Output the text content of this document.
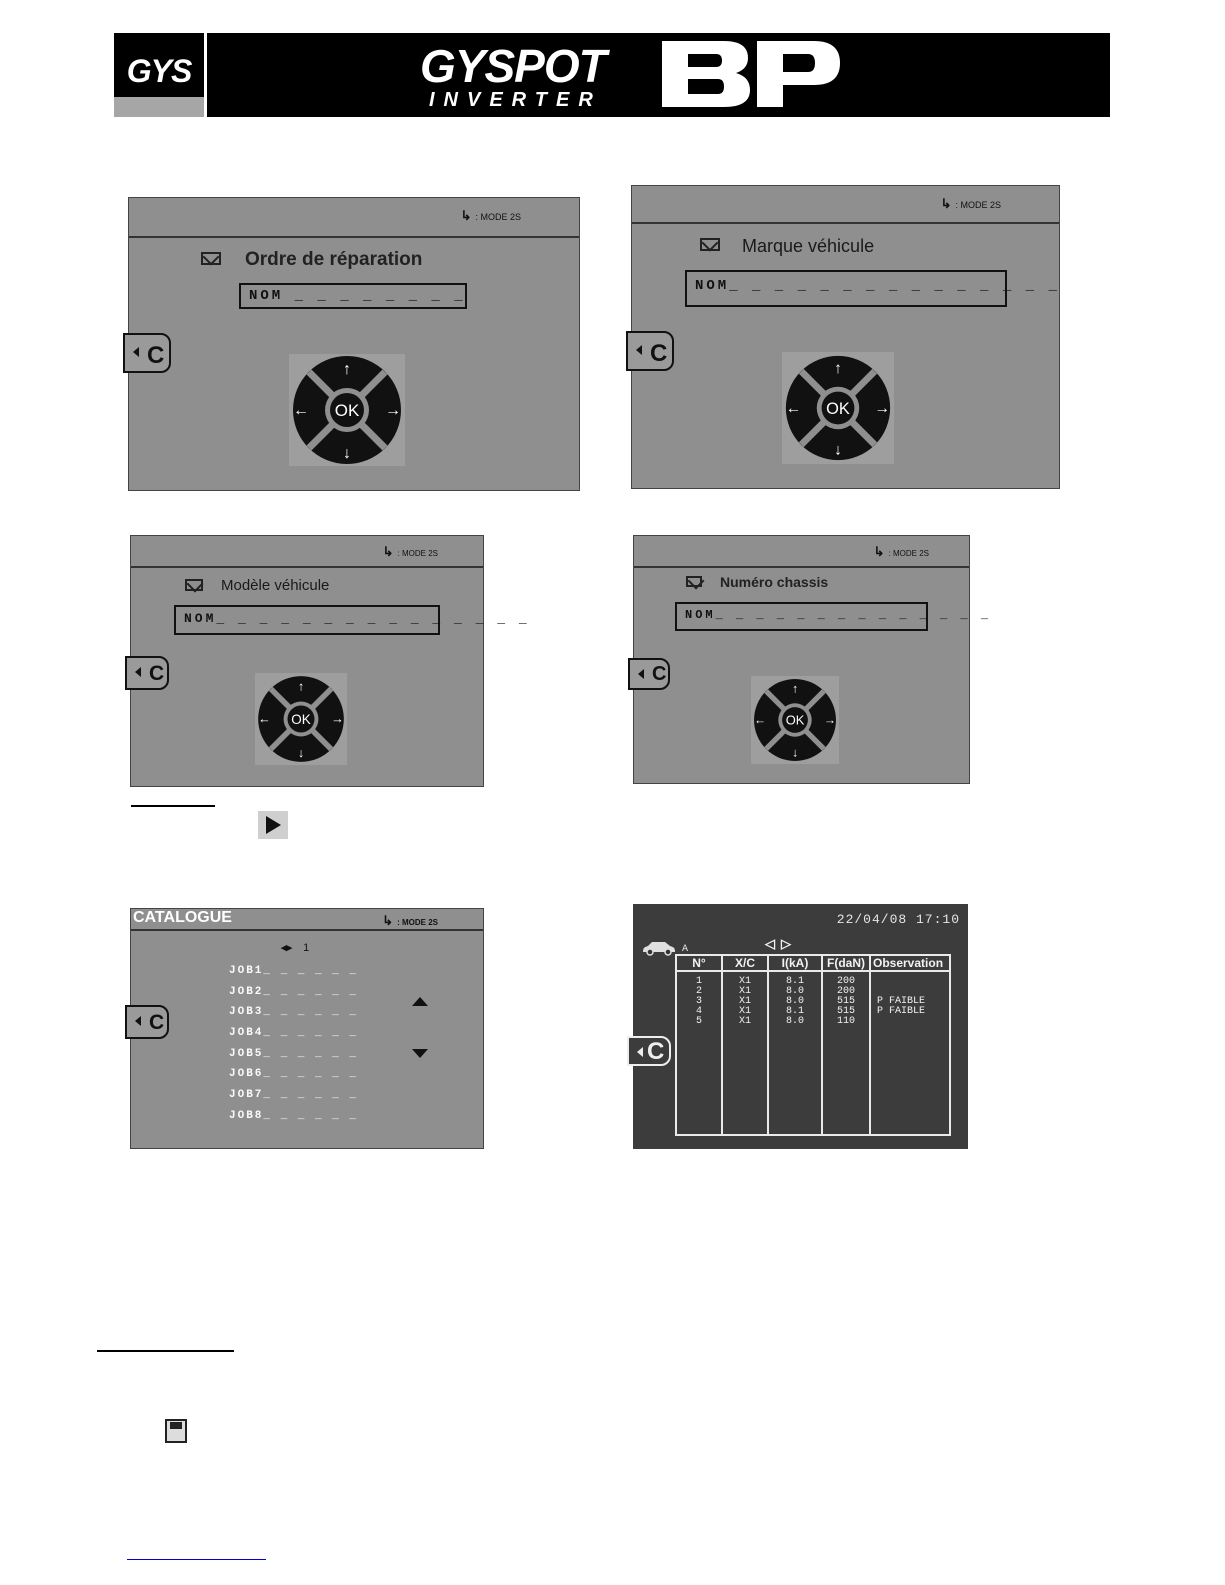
GYS	GYSPOT
INVERTER
↳ : MODE 2S
Ordre de réparation
NOM _ _ _ _ _ _ _ _
C
OK
↑
↓
←	→
↳ : MODE 2S
Marque véhicule
NOM_ _ _ _ _ _ _ _ _ _ _ _ _ _ _
C
OK
↑
↓
←	→
↳ : MODE 2S
Modèle véhicule
NOM_ _ _ _ _ _ _ _ _ _ _ _ _ _ _
C
OK
↑
↓
←	→
↳ : MODE 2S
Numéro chassis
NOM_ _ _ _ _ _ _ _ _ _ _ _ _ _
C
OK
↑
↓
←	→
CATALOGUE	↳ : MODE 2S
◂▸ 1
JOB1_ _ _ _ _ _
JOB2_ _ _ _ _ _
JOB3_ _ _ _ _ _
JOB4_ _ _ _ _ _
JOB5_ _ _ _ _ _
JOB6_ _ _ _ _ _
JOB7_ _ _ _ _ _
JOB8_ _ _ _ _ _
C
22/04/08 17:10
A	◁▷
N°	X/C	I(kA)	F(daN)	Observation
1	X1	8.1	200	
2	X1	8.0	200	
3	X1	8.0	515	P FAIBLE
4	X1	8.1	515	P FAIBLE
5	X1	8.0	110	
C
